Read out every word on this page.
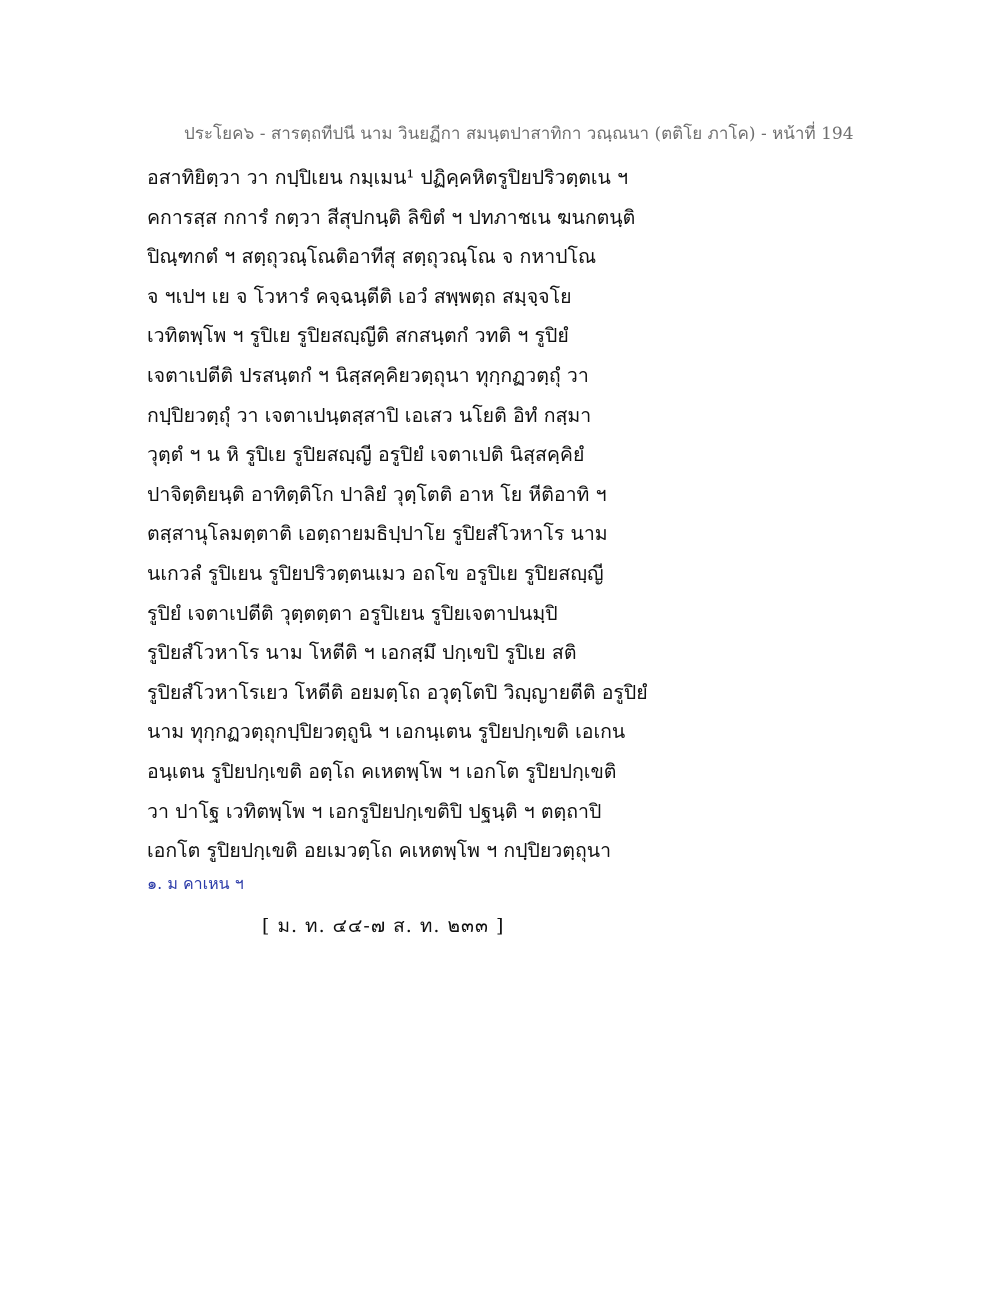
ประโยค๖ - สารตฺถทีปนี นาม วินยฏีกา สมนฺตปาสาทิกา วณฺณนา (ตติโย ภาโค) - หน้าที่ 194
อสาทิยิตฺวา วา กปฺปิเยน กมฺเมน¹ ปฏิคฺคหิตรูปิยปริวตฺตเน ฯ
คการสฺส กการํ กตฺวา สีสุปกนฺติ ลิขิตํ ฯ ปทภาชเน ฆนกตนฺติ
ปิณฺฑกตํ ฯ สตฺถุวณฺโณติอาทีสุ สตฺถุวณฺโณ จ กหาปโณ
จ ฯเปฯ เย จ โวหารํ คจฺฉนฺตีติ เอวํ สพฺพตฺถ สมฺจฺจโย
เวทิตพฺโพ ฯ รูปิเย รูปิยสญฺญีติ สกสนฺตกํ วทติ ฯ รูปิยํ
เจตาเปตีติ ปรสนฺตกํ ฯ นิสฺสคฺคิยวตฺถุนา ทุกฺกฏวตฺถุํ วา
กปฺปิยวตฺถุํ วา เจตาเปนฺตสฺสาปิ เอเสว นโยติ อิทํ กสฺมา
วุตฺตํ ฯ น หิ รูปิเย รูปิยสญฺญี อรูปิยํ เจตาเปติ นิสฺสคฺคิยํ
ปาจิตฺติยนฺติ อาทิตฺติโก ปาลิยํ วุตฺโตติ อาห โย หีติอาทิ ฯ
ตสฺสานุโลมตฺตาติ เอตฺถายมธิปฺปาโย รูปิยสํโวหาโร นาม
นเกวลํ รูปิเยน รูปิยปริวตฺตนเมว อถโข อรูปิเย รูปิยสญฺญี
รูปิยํ เจตาเปตีติ วุตฺตตฺตา อรูปิเยน รูปิยเจตาปนมฺปิ
รูปิยสํโวหาโร นาม โหตีติ ฯ เอกสฺมึ ปกฺเขปิ รูปิเย สติ
รูปิยสํโวหาโรเยว โหตีติ อยมตฺโถ อวุตฺโตปิ วิญฺญายตีติ อรูปิยํ
นาม ทุกฺกฏวตฺถุกปฺปิยวตฺถูนิ ฯ เอกนฺเตน รูปิยปกฺเขติ เอเกน
อนฺเตน รูปิยปกฺเขติ อตฺโถ คเหตพฺโพ ฯ เอกโต รูปิยปกฺเขติ
วา ปาโฐ เวทิตพฺโพ ฯ เอกรูปิยปกฺเขติปิ ปฐนฺติ ฯ ตตฺถาปิ
เอกโต รูปิยปกฺเขติ อยเมวตฺโถ คเหตพฺโพ ฯ กปฺปิยวตฺถุนา
๑. ม คาเหน ฯ
[ ม. ท. ๔๔-๗ ส. ท. ๒๓๓ ]
